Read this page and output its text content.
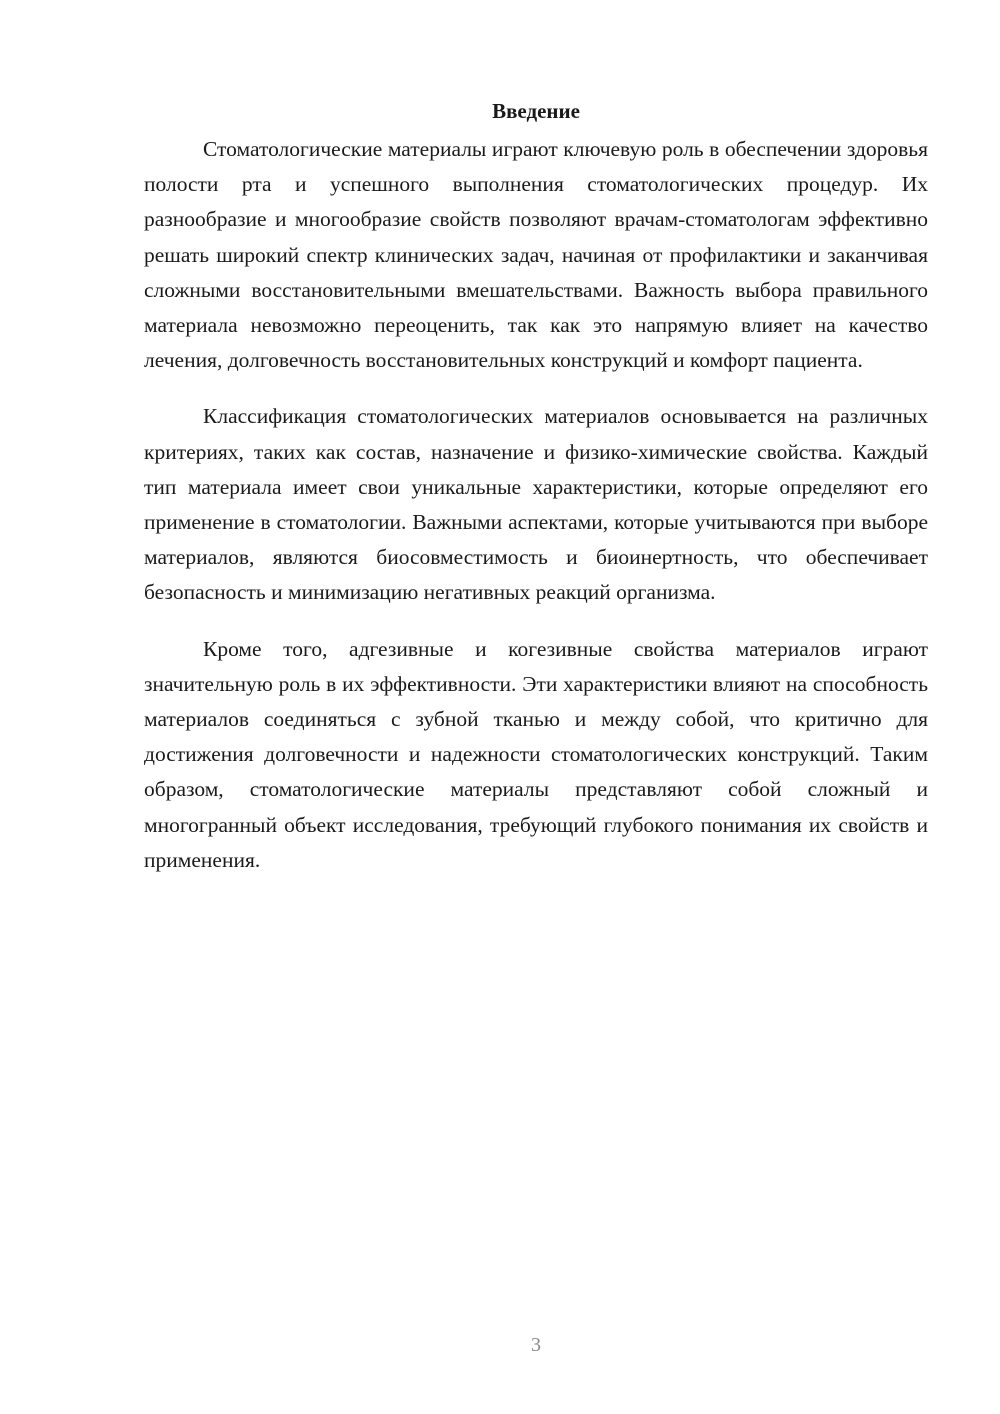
Введение

Стоматологические материалы играют ключевую роль в обеспечении здоровья полости рта и успешного выполнения стоматологических процедур. Их разнообразие и многообразие свойств позволяют врачам-стоматологам эффективно решать широкий спектр клинических задач, начиная от профилактики и заканчивая сложными восстановительными вмешательствами. Важность выбора правильного материала невозможно переоценить, так как это напрямую влияет на качество лечения, долговечность восстановительных конструкций и комфорт пациента.

Классификация стоматологических материалов основывается на различных критериях, таких как состав, назначение и физико-химические свойства. Каждый тип материала имеет свои уникальные характеристики, которые определяют его применение в стоматологии. Важными аспектами, которые учитываются при выборе материалов, являются биосовместимость и биоинертность, что обеспечивает безопасность и минимизацию негативных реакций организма.

Кроме того, адгезивные и когезивные свойства материалов играют значительную роль в их эффективности. Эти характеристики влияют на способность материалов соединяться с зубной тканью и между собой, что критично для достижения долговечности и надежности стоматологических конструкций. Таким образом, стоматологические материалы представляют собой сложный и многогранный объект исследования, требующий глубокого понимания их свойств и применения.

3
